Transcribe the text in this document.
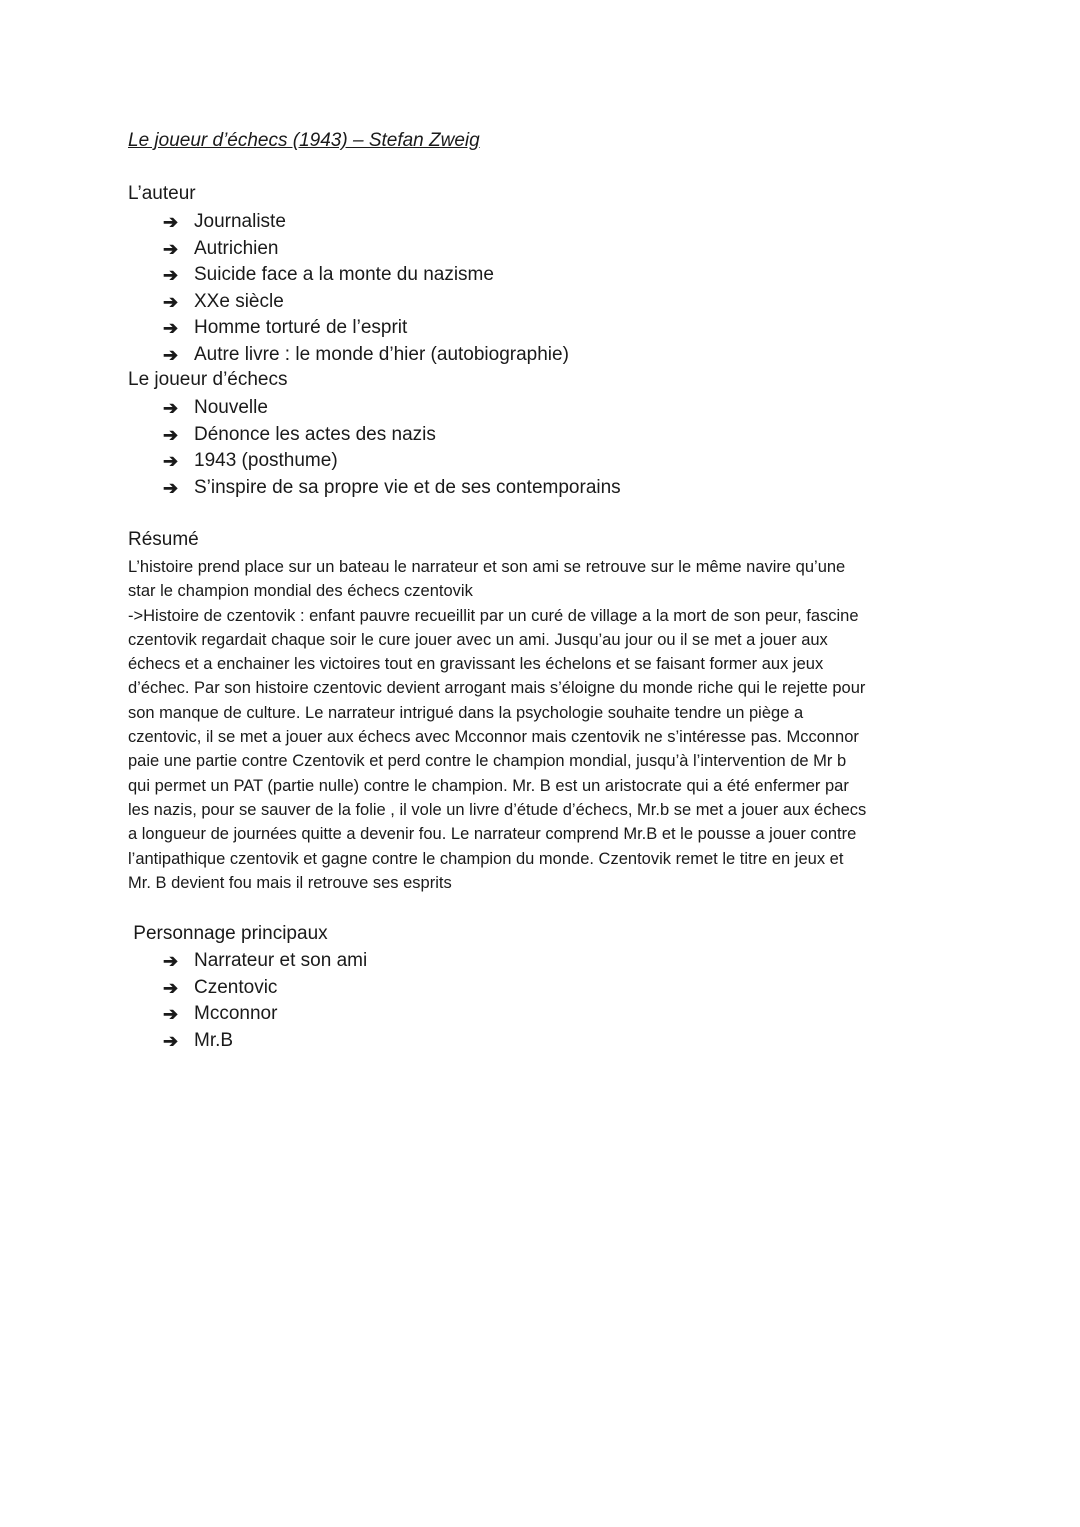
Le joueur d’échecs (1943) – Stefan Zweig
L’auteur
➔ Journaliste
➔ Autrichien
➔ Suicide face a la monte du nazisme
➔ XXe siècle
➔ Homme torturé de l’esprit
➔ Autre livre : le monde d’hier (autobiographie)
Le joueur d’échecs
➔ Nouvelle
➔ Dénonce les actes des nazis
➔ 1943 (posthume)
➔ S’inspire de sa propre vie et de ses contemporains
Résumé

L’histoire prend place sur un bateau le narrateur et son ami se retrouve sur le même navire qu’une
star le champion mondial des échecs czentovik
->Histoire de czentovik : enfant pauvre recueillit par un curé de village a la mort de son peur, fascine
czentovik regardait chaque soir le cure jouer avec un ami. Jusqu’au jour ou il se met a jouer aux
échecs et a enchainer les victoires tout en gravissant les échelons et se faisant former aux jeux
d’échec. Par son histoire czentovic devient arrogant mais s’éloigne du monde riche qui le rejette pour
son manque de culture. Le narrateur intrigué dans la psychologie souhaite tendre un piège a
czentovic, il se met a jouer aux échecs avec Mcconnor mais czentovik ne s’intéresse pas. Mcconnor
paie une partie contre Czentovik et perd contre le champion mondial, jusqu’à l’intervention de Mr b
qui permet un PAT (partie nulle) contre le champion. Mr. B est un aristocrate qui a été enfermer par
les nazis, pour se sauver de la folie , il vole un livre d’étude d’échecs, Mr.b se met a jouer aux échecs
a longueur de journées quitte a devenir fou. Le narrateur comprend Mr.B et le pousse a jouer contre
l’antipathique czentovik et gagne contre le champion du monde. Czentovik remet le titre en jeux et
Mr. B devient fou mais il retrouve ses esprits

Personnage principaux
➔ Narrateur et son ami
➔ Czentovic
➔ Mcconnor
➔ Mr.B
